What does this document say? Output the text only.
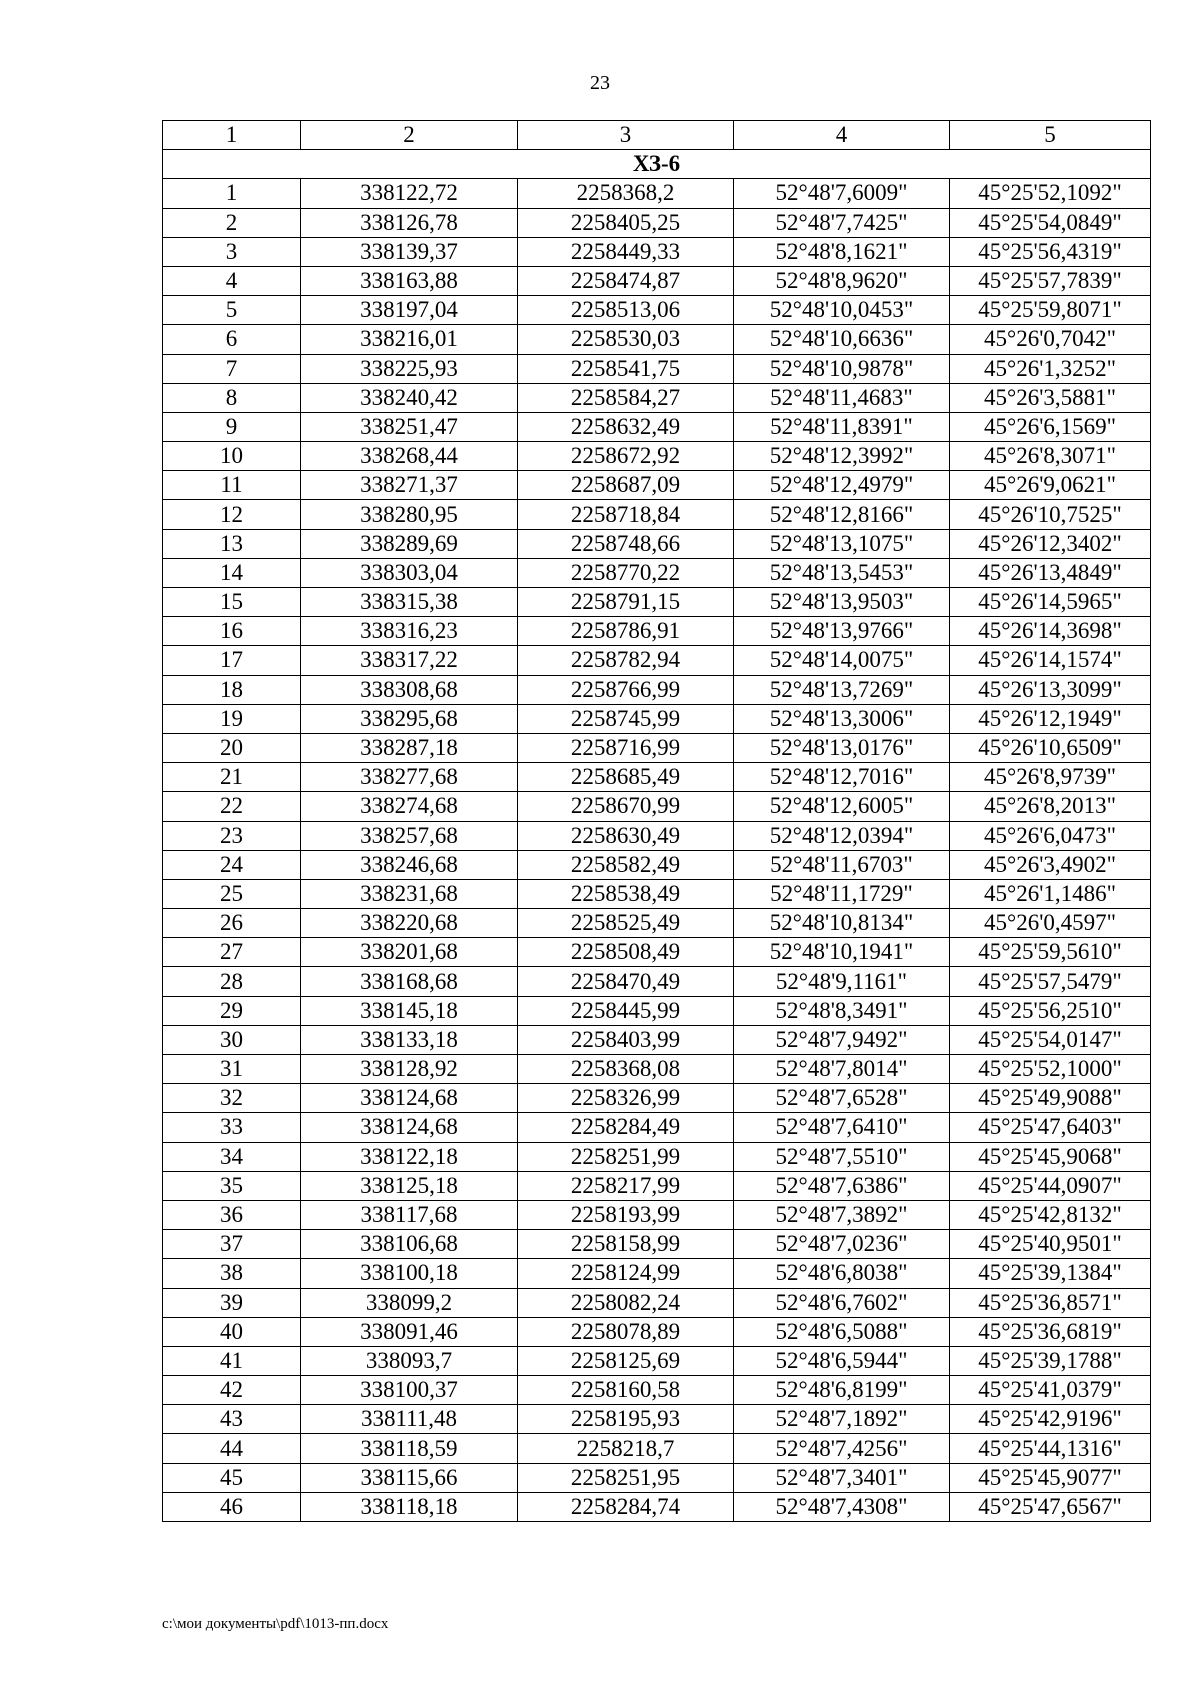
23
1	2	3	4	5
ХЗ-6				
1	338122,72	2258368,2	52°48'7,6009"	45°25'52,1092"
2	338126,78	2258405,25	52°48'7,7425"	45°25'54,0849"
3	338139,37	2258449,33	52°48'8,1621"	45°25'56,4319"
4	338163,88	2258474,87	52°48'8,9620"	45°25'57,7839"
5	338197,04	2258513,06	52°48'10,0453"	45°25'59,8071"
6	338216,01	2258530,03	52°48'10,6636"	45°26'0,7042"
7	338225,93	2258541,75	52°48'10,9878"	45°26'1,3252"
8	338240,42	2258584,27	52°48'11,4683"	45°26'3,5881"
9	338251,47	2258632,49	52°48'11,8391"	45°26'6,1569"
10	338268,44	2258672,92	52°48'12,3992"	45°26'8,3071"
11	338271,37	2258687,09	52°48'12,4979"	45°26'9,0621"
12	338280,95	2258718,84	52°48'12,8166"	45°26'10,7525"
13	338289,69	2258748,66	52°48'13,1075"	45°26'12,3402"
14	338303,04	2258770,22	52°48'13,5453"	45°26'13,4849"
15	338315,38	2258791,15	52°48'13,9503"	45°26'14,5965"
16	338316,23	2258786,91	52°48'13,9766"	45°26'14,3698"
17	338317,22	2258782,94	52°48'14,0075"	45°26'14,1574"
18	338308,68	2258766,99	52°48'13,7269"	45°26'13,3099"
19	338295,68	2258745,99	52°48'13,3006"	45°26'12,1949"
20	338287,18	2258716,99	52°48'13,0176"	45°26'10,6509"
21	338277,68	2258685,49	52°48'12,7016"	45°26'8,9739"
22	338274,68	2258670,99	52°48'12,6005"	45°26'8,2013"
23	338257,68	2258630,49	52°48'12,0394"	45°26'6,0473"
24	338246,68	2258582,49	52°48'11,6703"	45°26'3,4902"
25	338231,68	2258538,49	52°48'11,1729"	45°26'1,1486"
26	338220,68	2258525,49	52°48'10,8134"	45°26'0,4597"
27	338201,68	2258508,49	52°48'10,1941"	45°25'59,5610"
28	338168,68	2258470,49	52°48'9,1161"	45°25'57,5479"
29	338145,18	2258445,99	52°48'8,3491"	45°25'56,2510"
30	338133,18	2258403,99	52°48'7,9492"	45°25'54,0147"
31	338128,92	2258368,08	52°48'7,8014"	45°25'52,1000"
32	338124,68	2258326,99	52°48'7,6528"	45°25'49,9088"
33	338124,68	2258284,49	52°48'7,6410"	45°25'47,6403"
34	338122,18	2258251,99	52°48'7,5510"	45°25'45,9068"
35	338125,18	2258217,99	52°48'7,6386"	45°25'44,0907"
36	338117,68	2258193,99	52°48'7,3892"	45°25'42,8132"
37	338106,68	2258158,99	52°48'7,0236"	45°25'40,9501"
38	338100,18	2258124,99	52°48'6,8038"	45°25'39,1384"
39	338099,2	2258082,24	52°48'6,7602"	45°25'36,8571"
40	338091,46	2258078,89	52°48'6,5088"	45°25'36,6819"
41	338093,7	2258125,69	52°48'6,5944"	45°25'39,1788"
42	338100,37	2258160,58	52°48'6,8199"	45°25'41,0379"
43	338111,48	2258195,93	52°48'7,1892"	45°25'42,9196"
44	338118,59	2258218,7	52°48'7,4256"	45°25'44,1316"
45	338115,66	2258251,95	52°48'7,3401"	45°25'45,9077"
46	338118,18	2258284,74	52°48'7,4308"	45°25'47,6567"
c:\мои документы\pdf\1013-пп.docx
